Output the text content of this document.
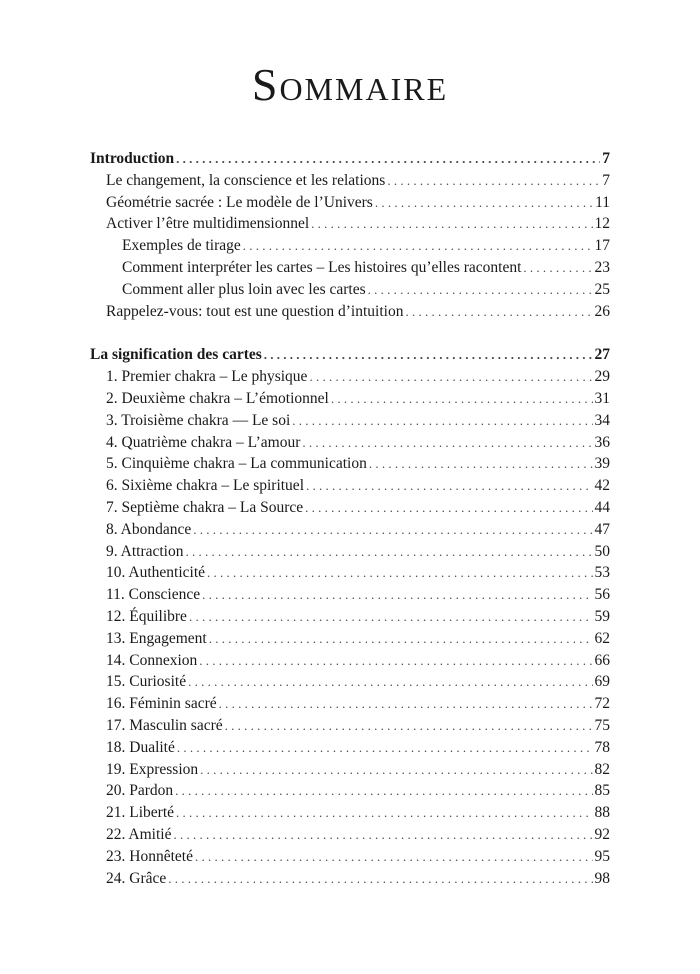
Sommaire
Introduction . . .	7
Le changement, la conscience et les relations . . .	7
Géométrie sacrée : Le modèle de l’Univers . . .	11
Activer l’être multidimensionnel . . .	12
Exemples de tirage . . .	17
Comment interpréter les cartes – Les histoires qu’elles racontent . . .	23
Comment aller plus loin avec les cartes . . .	25
Rappelez-vous: tout est une question d’intuition . . .	26
La signification des cartes . . .	27
1. Premier chakra – Le physique . . .	29
2. Deuxième chakra – L’émotionnel . . .	31
3. Troisième chakra — Le soi . . .	34
4. Quatrième chakra – L’amour . . .	36
5. Cinquième chakra – La communication . . .	39
6. Sixième chakra – Le spirituel . . .	42
7. Septième chakra – La Source . . .	44
8. Abondance . . .	47
9. Attraction . . .	50
10. Authenticité . . .	53
11. Conscience . . .	56
12. Équilibre . . .	59
13. Engagement . . .	62
14. Connexion . . .	66
15. Curiosité . . .	69
16. Féminin sacré . . .	72
17. Masculin sacré . . .	75
18. Dualité . . .	78
19. Expression . . .	82
20. Pardon . . .	85
21. Liberté . . .	88
22. Amitié . . .	92
23. Honnêteté . . .	95
24. Grâce . . .	98
